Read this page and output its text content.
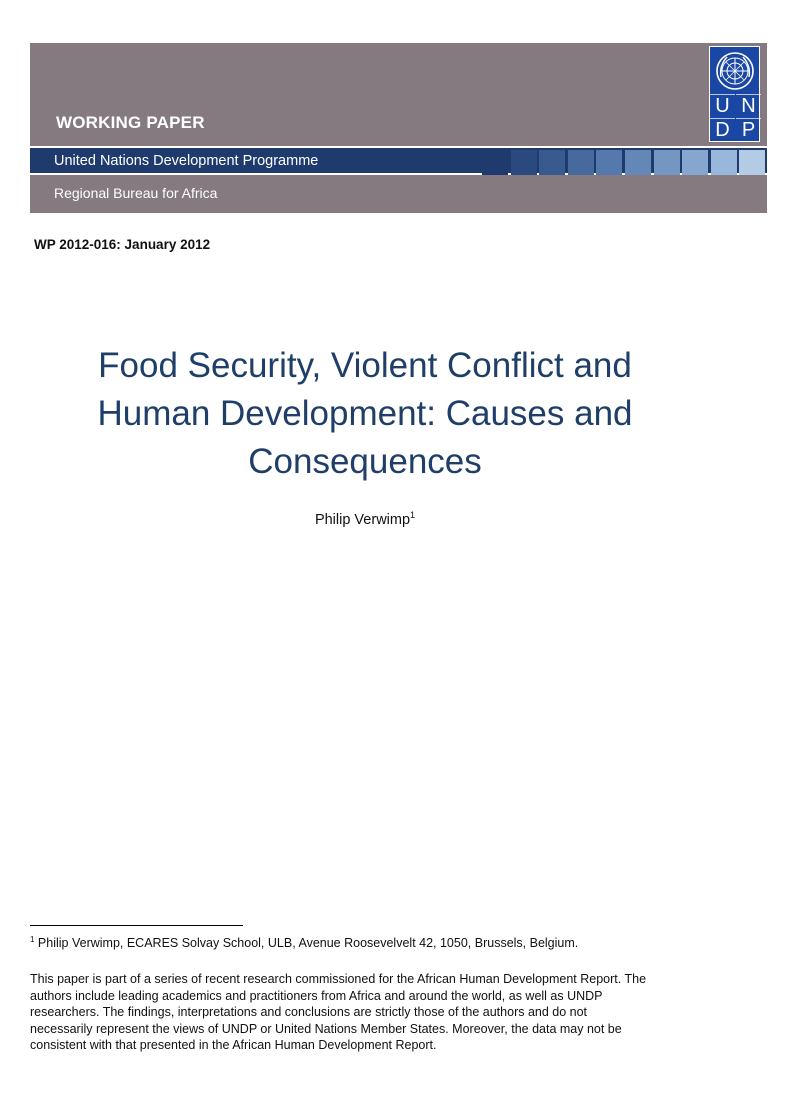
WORKING PAPER
United Nations Development Programme
Regional Bureau for Africa
U N
D P
WP 2012-016: January 2012
Food Security, Violent Conflict and
Human Development: Causes and
Consequences
Philip Verwimp$^1$
$^1$ Philip Verwimp, ECARES Solvay School, ULB, Avenue Roosevelvelt 42, 1050, Brussels, Belgium.
This paper is part of a series of recent research commissioned for the African Human Development Report. The
authors include leading academics and practitioners from Africa and around the world, as well as UNDP
researchers. The findings, interpretations and conclusions are strictly those of the authors and do not
necessarily represent the views of UNDP or United Nations Member States. Moreover, the data may not be
consistent with that presented in the African Human Development Report.
